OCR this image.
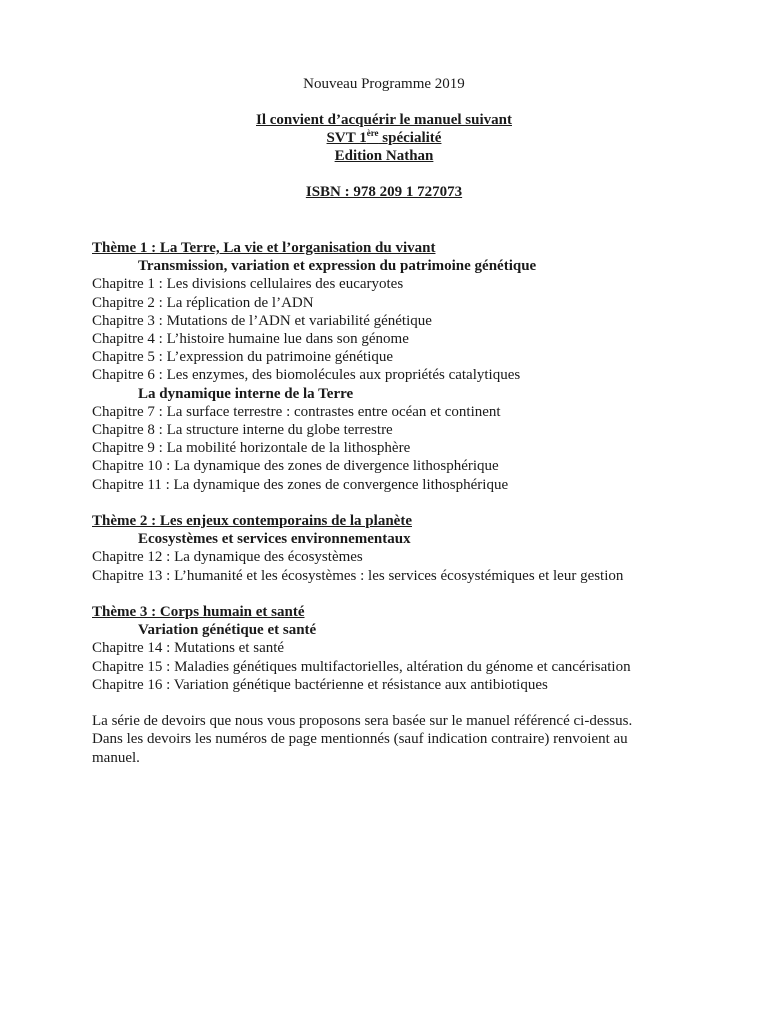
Nouveau Programme 2019
Il convient d’acquérir le manuel suivant
SVT 1ère spécialité
Edition Nathan
ISBN : 978 209 1 727073
Thème 1 : La Terre, La vie et l’organisation du vivant
Transmission, variation et expression du patrimoine génétique
Chapitre 1 : Les divisions cellulaires des eucaryotes
Chapitre 2 : La réplication de l’ADN
Chapitre 3 : Mutations de l’ADN et variabilité génétique
Chapitre 4 : L’histoire humaine lue dans son génome
Chapitre 5 : L’expression du patrimoine génétique
Chapitre 6 : Les enzymes, des biomolécules aux propriétés catalytiques
La dynamique interne de la Terre
Chapitre 7 : La surface terrestre : contrastes entre océan et continent
Chapitre 8 : La structure interne du globe terrestre
Chapitre 9 : La mobilité horizontale de la lithosphère
Chapitre 10 : La dynamique des zones de divergence lithosphérique
Chapitre 11 : La dynamique des zones de convergence lithosphérique
Thème 2 : Les enjeux contemporains de la planète
Ecosystèmes et services environnementaux
Chapitre 12 : La dynamique des écosystèmes
Chapitre 13 : L’humanité et les écosystèmes : les services écosystémiques et leur gestion
Thème 3 : Corps humain et santé
Variation génétique et santé
Chapitre 14 : Mutations et santé
Chapitre 15 : Maladies génétiques multifactorielles, altération du génome et cancérisation
Chapitre 16 : Variation génétique bactérienne et résistance aux antibiotiques
La série de devoirs que nous vous proposons sera basée sur le manuel référencé ci-dessus.
Dans les devoirs les numéros de page mentionnés (sauf indication contraire) renvoient au
manuel.
